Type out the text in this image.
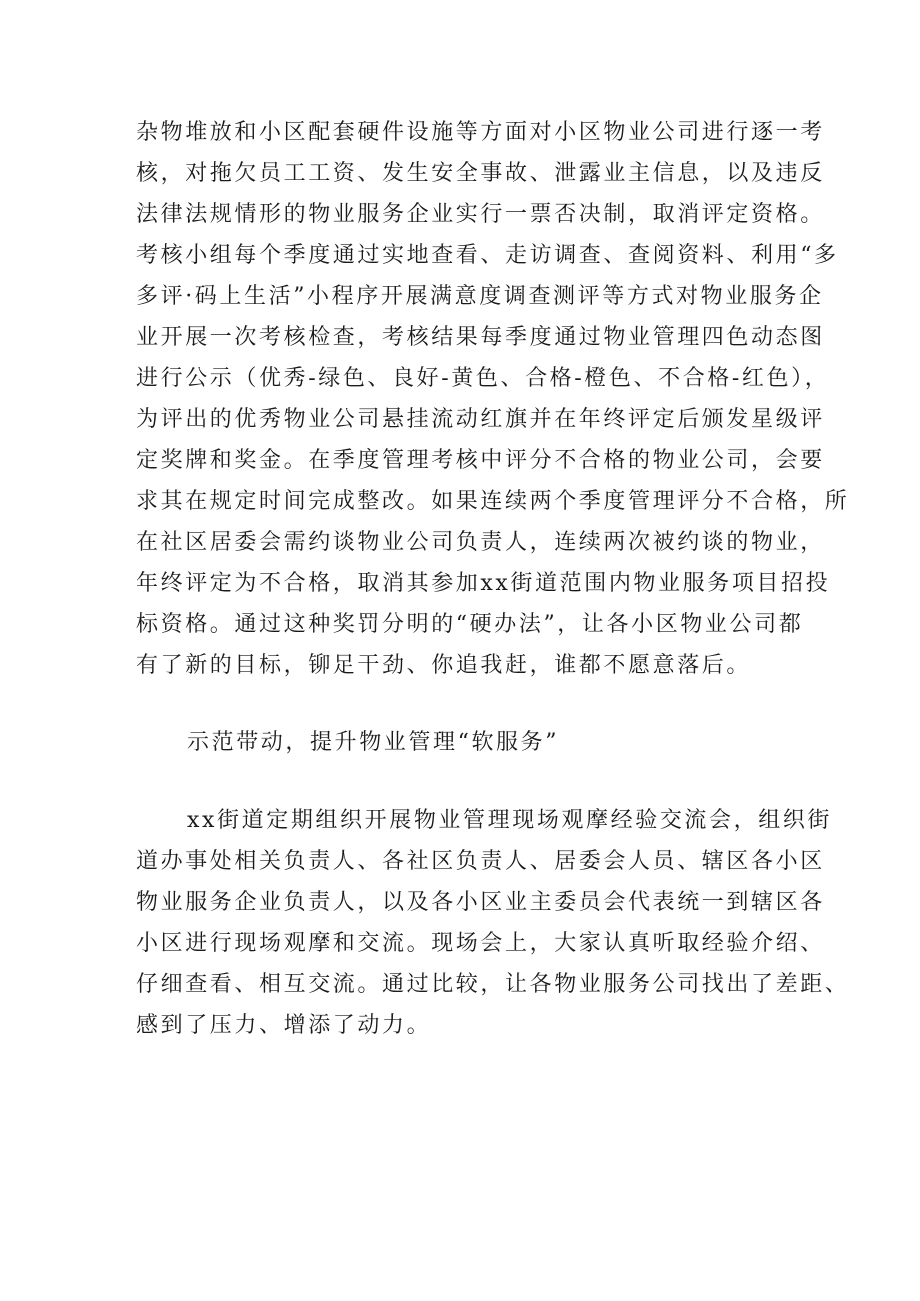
杂物堆放和小区配套硬件设施等方面对小区物业公司进行逐一考
核，对拖欠员工工资、发生安全事故、泄露业主信息，以及违反
法律法规情形的物业服务企业实行一票否决制，取消评定资格。
考核小组每个季度通过实地查看、走访调查、查阅资料、利用“多
多评·码上生活”小程序开展满意度调查测评等方式对物业服务企
业开展一次考核检查，考核结果每季度通过物业管理四色动态图
进行公示（优秀-绿色、良好-黄色、合格-橙色、不合格-红色），
为评出的优秀物业公司悬挂流动红旗并在年终评定后颁发星级评
定奖牌和奖金。在季度管理考核中评分不合格的物业公司，会要
求其在规定时间完成整改。如果连续两个季度管理评分不合格，所
在社区居委会需约谈物业公司负责人，连续两次被约谈的物业，
年终评定为不合格，取消其参加xx街道范围内物业服务项目招投
标资格。通过这种奖罚分明的“硬办法”，让各小区物业公司都
有了新的目标，铆足干劲、你追我赶，谁都不愿意落后。
示范带动，提升物业管理“软服务”
xx街道定期组织开展物业管理现场观摩经验交流会，组织街
道办事处相关负责人、各社区负责人、居委会人员、辖区各小区
物业服务企业负责人，以及各小区业主委员会代表统一到辖区各
小区进行现场观摩和交流。现场会上，大家认真听取经验介绍、
仔细查看、相互交流。通过比较，让各物业服务公司找出了差距、
感到了压力、增添了动力。
